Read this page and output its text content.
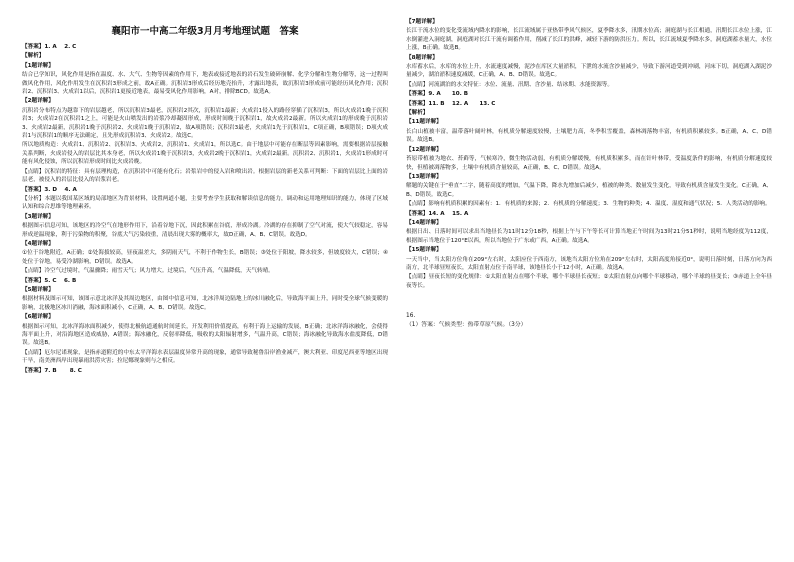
襄阳市一中高二年级3月月考地理试题　答案
【答案】1. A　 2. C
【解析】
【1题详解】
结合已学知识，风化作用是指在温度、水、大气、生物等因素的作用下，地表或接近地表的岩石发生破碎崩解、化学分解和生物分解等，这一过程叫做风化作用，风化作用发生在沉积岩3形成之前，故A正确。沉积岩3形成后经历地壳抬升，才露出地表，故沉积岩3形成前可能经历风化作用；沉积岩2、沉积岩3、火成岩1以后，沉积岩1更接近地表，最易受风化作用影响，A对，排除BCD。故选A。
【2题详解】
沉积岩分布特点为越靠下的岩层越老，所以沉积岩3最老，沉积岩2其次，沉积岩1最新；火成岩1侵入的路径穿插了沉积岩3，所以火成岩1晚于沉积岩3；火成岩2在沉积岩1之上，可能是火山喷发出的岩浆冷却凝固形成，形成时间晚于沉积岩1，故火成岩2最新。所以火成岩1的形成晚于沉积岩3、火成岩2最新，沉积岩1晚于沉积岩2、火成岩1晚于沉积岩2，故A项错误；沉积岩3最老，火成岩1先于沉积岩1，C项正确，B项错误；D项火成岩1与沉积岩1的顺序无法确定，且先形成沉积岩3、火成岩2。故选C。
所以地质构造：火成岩1、沉积岩2、沉积岩3、火成岩2，沉积岩1、火成岩1，所以选C。由于地层中可能存在断层等因素影响，需要根据岩层接触关系判断，火成岩侵入的岩层比其本身老，所以火成岩1晚于沉积岩3，火成岩2晚于沉积岩1，火成岩2最新。沉积岩2、沉积岩1，火成岩1形成时可能有风化侵蚀，所以沉积岩形成时间比火成岩晚。
【点睛】沉积岩的特征：具有层理构造，在沉积岩中可能有化石；岩浆岩中的侵入岩和喷出岩。根据岩层的新老关系可判断：下面的岩层比上面的岩层老，被侵入的岩层比侵入的岩浆岩老。
【答案】3. D　 4. A
【分析】本题以我国某区域的局部地区为背景材料，设置两道小题，主要考查学生获取和解读信息的能力，调动和运用地理知识的能力，体现了区域认知和综合思维等地理素养。
【3题详解】
根据图示信息可知，该地区的冷空气在地形作用下，沿着谷地下沉，因此积累在谷底，形成冷湖。冷湖的存在抑制了空气对流，使大气较稳定，容易形成逆温现象，利于污染物的积聚，谷底大气污染较重，清晨出现大雾的概率大，故D正确，A、B、C错误。故选D。
【4题详解】
①位于谷地附近，A正确；②处海拔较高，昼夜温差大，多阴雨天气，不利于作物生长，B错误；③处位于阳坡，降水较多，但坡度较大，C错误；④处位于谷地，易受冷湖影响，D错误。故选A。
【点睛】冷空气过境时，气温骤降；雨雪天气；风力增大。过境后，气压升高，气温降低，天气转晴。
【答案】5. C　 6. B
【5题详解】
根据材料及图示可知，该图示意北冰洋及其周边地区，由图中信息可知，北冰洋周边陆地上的冰川融化后，导致海平面上升，同时受全球气候变暖的影响，北极地区冰川消融，海冰面积减小，C正确，A、B、D错误。故选C。
【6题详解】
根据图示可知，北冰洋海冰面积减少，使得北极航道通航时间延长，开发利用价值提高，有利于海上运输的发展，B正确；北冰洋海冰融化，会使得海平面上升，对沿海地区造成威胁，A错误；海冰融化，反射率降低，吸收的太阳辐射增多，气温升高，C错误；海冰融化导致海水盐度降低，D错误。故选B。
【点睛】厄尔尼诺现象，是指赤道附近的中东太平洋海水表层温度异常升高的现象，通常导致秘鲁沿岸渔业减产，澳大利亚、印度尼西亚等地区出现干旱，南美洲西岸出现暴雨洪涝灾害；拉尼娜现象则与之相反。
【答案】7. B　　 8. C
【7题详解】
长江干流水位的变化受流域内降水的影响，长江流域属于亚热带季风气候区，夏季降水多，汛期水位高；洞庭湖与长江相通，汛期长江水位上涨，江水倒灌进入洞庭湖，洞庭湖对长江干流有调蓄作用，削减了长江的洪峰，减轻下游的防洪压力。所以，长江流域夏季降水多，洞庭湖蓄水量大，水位上涨，B正确。故选B。
【8题详解】
水库蓄水后，水库的水位上升，水流速度减慢，泥沙在库区大量淤积，下泄的水流含沙量减少，导致下游河道受到冲刷，河床下切，洞庭湖入湖泥沙量减少，湖泊淤积速度减缓，C正确，A、B、D错误。故选C。
【点睛】河流湖泊的水文特征：水位、流量、汛期、含沙量、结冰期、水能资源等。
【答案】9. A　　10. B
【答案】11. B　 12. A　　13. C
【解析】
【11题详解】
长白山植被丰富，温带落叶阔叶林，有机质分解速度较慢，土壤肥力高，冬季积雪覆盖，森林凋落物丰富，有机质积累较多。B正确，A、C、D错误。故选B。
【12题详解】
苔原带植被为地衣、苔藓等，气候寒冷，微生物活动弱，有机质分解缓慢，有机质积累多，而在针叶林带，受温度条件的影响，有机质分解速度较快，但植被凋落物多，土壤中有机质含量较高，A正确，B、C、D错误。故选A。
【13题详解】
解题的关键在于“垂直”二字，随着高度的增加，气温下降，降水先增加后减少，植被的种类、数量发生变化，导致有机质含量发生变化。C正确，A、B、D错误。故选C。
【点睛】影响有机质积累的因素有：1．有机质的来源；2．有机质的分解速度；3．生物的种类；4．温度、湿度和通气状况；5．人类活动的影响。
【答案】14. A　 15. A
【14题详解】
根据日出、日落时间可以求出当地昼长为11时12分18秒，根据上午与下午等长可计算当地正午时间为13时21分51秒时，说明当地经度为112度，根据图示当地位于120°E以西，所以当地位于广东或广西，A正确。故选A。
【15题详解】
一天当中，当太阳方位角在209°左右时，太阳应位于西南方，该地当太阳方位角在209°左右时，太阳高度角接近0°，说明日落时刻，日落方向为西南方，北半球昼短夜长，太阳直射点位于南半球，该地昼长小于12小时，A正确。故选A。
【点睛】昼夜长短的变化规律：①太阳直射点在哪个半球，哪个半球昼长夜短；②太阳直射点向哪个半球移动，哪个半球的昼变长；③赤道上全年昼夜等长。
16.
（1）答案：气候类型：热带草原气候。（3分）
